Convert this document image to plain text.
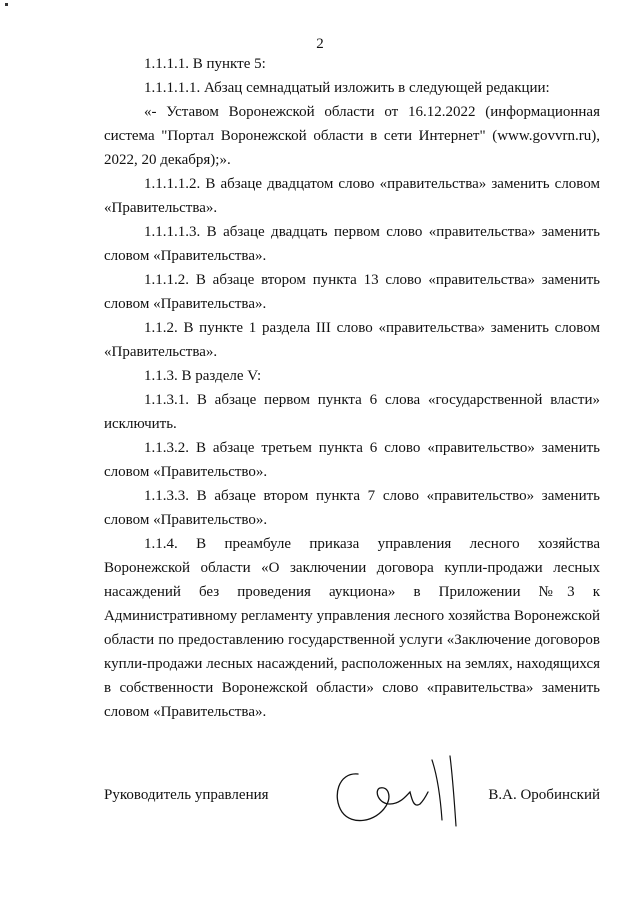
2

1.1.1.1. В пункте 5:

1.1.1.1.1. Абзац семнадцатый изложить в следующей редакции:

«- Уставом Воронежской области от 16.12.2022 (информационная система "Портал Воронежской области в сети Интернет" (www.govvrn.ru), 2022, 20 декабря);».

1.1.1.1.2. В абзаце двадцатом слово «правительства» заменить словом «Правительства».

1.1.1.1.3. В абзаце двадцать первом слово «правительства» заменить словом «Правительства».

1.1.1.2. В абзаце втором пункта 13 слово «правительства» заменить словом «Правительства».

1.1.2. В пункте 1 раздела III слово «правительства» заменить словом «Правительства».

1.1.3. В разделе V:

1.1.3.1. В абзаце первом пункта 6 слова «государственной власти» исключить.

1.1.3.2. В абзаце третьем пункта 6 слово «правительство» заменить словом «Правительство».

1.1.3.3. В абзаце втором пункта 7 слово «правительство» заменить словом «Правительство».

1.1.4. В преамбуле приказа управления лесного хозяйства Воронежской области «О заключении договора купли-продажи лесных насаждений без проведения аукциона» в Приложении №3 к Административному регламенту управления лесного хозяйства Воронежской области по предоставлению государственной услуги «Заключение договоров купли-продажи лесных насаждений, расположенных на землях, находящихся в собственности Воронежской области» слово «правительства» заменить словом «Правительства».

Руководитель управления	В.А. Оробинский
